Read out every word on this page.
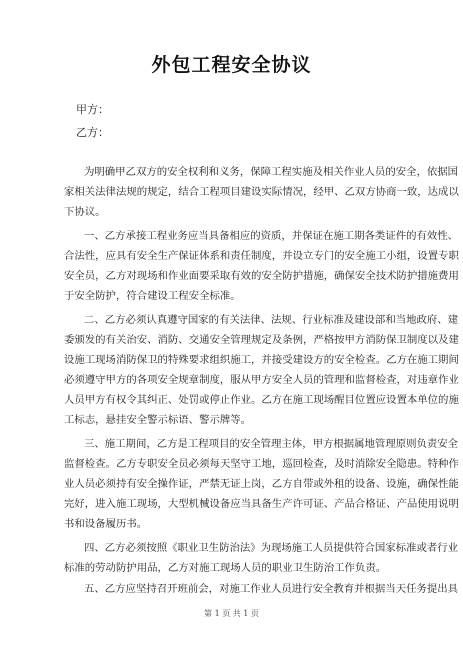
外包工程安全协议
甲方：
乙方：
为明确甲乙双方的安全权利和义务，保障工程实施及相关作业人员的安全，依据国
家相关法律法规的规定，结合工程项目建设实际情况，经甲、乙双方协商一致，达成以
下协议。
一、乙方承接工程业务应当具备相应的资质，并保证在施工期各类证件的有效性、
合法性，应具有安全生产保证体系和责任制度，并设立专门的安全施工小组，设置专职
安全员，乙方对现场和作业面要采取有效的安全防护措施，确保安全技术防护措施费用
于安全防护，符合建设工程安全标准。
二、乙方必须认真遵守国家的有关法律、法规、行业标准及建设部和当地政府、建
委颁发的有关治安、消防、交通安全管理规定及条例，严格按甲方消防保卫制度以及建
设施工现场消防保卫的特殊要求组织施工，并接受建设方的安全检查。乙方在施工期间
必须遵守甲方的各项安全规章制度，服从甲方安全人员的管理和监督检查，对违章作业
人员甲方有权令其纠正、处罚或停止作业。乙方在施工现场醒目位置应设置本单位的施
工标志，悬挂安全警示标语、警示牌等。
三、施工期间，乙方是工程项目的安全管理主体，甲方根据属地管理原则负责安全
监督检查。乙方专职安全员必须每天坚守工地，巡回检查，及时消除安全隐患。特种作
业人员必须持有安全操作证，严禁无证上岗，乙方自带或外租的设备、设施，确保性能
完好，进入施工现场，大型机械设备应当具备生产许可证、产品合格证、产品使用说明
书和设备履历书。
四、乙方必须按照《职业卫生防治法》为现场施工人员提供符合国家标准或者行业
标准的劳动防护用品，乙方对施工现场人员的职业卫生防治工作负责。
五、乙方应坚持召开班前会，对施工作业人员进行安全教育并根据当天任务提出具
第 1 页 共 1 页
